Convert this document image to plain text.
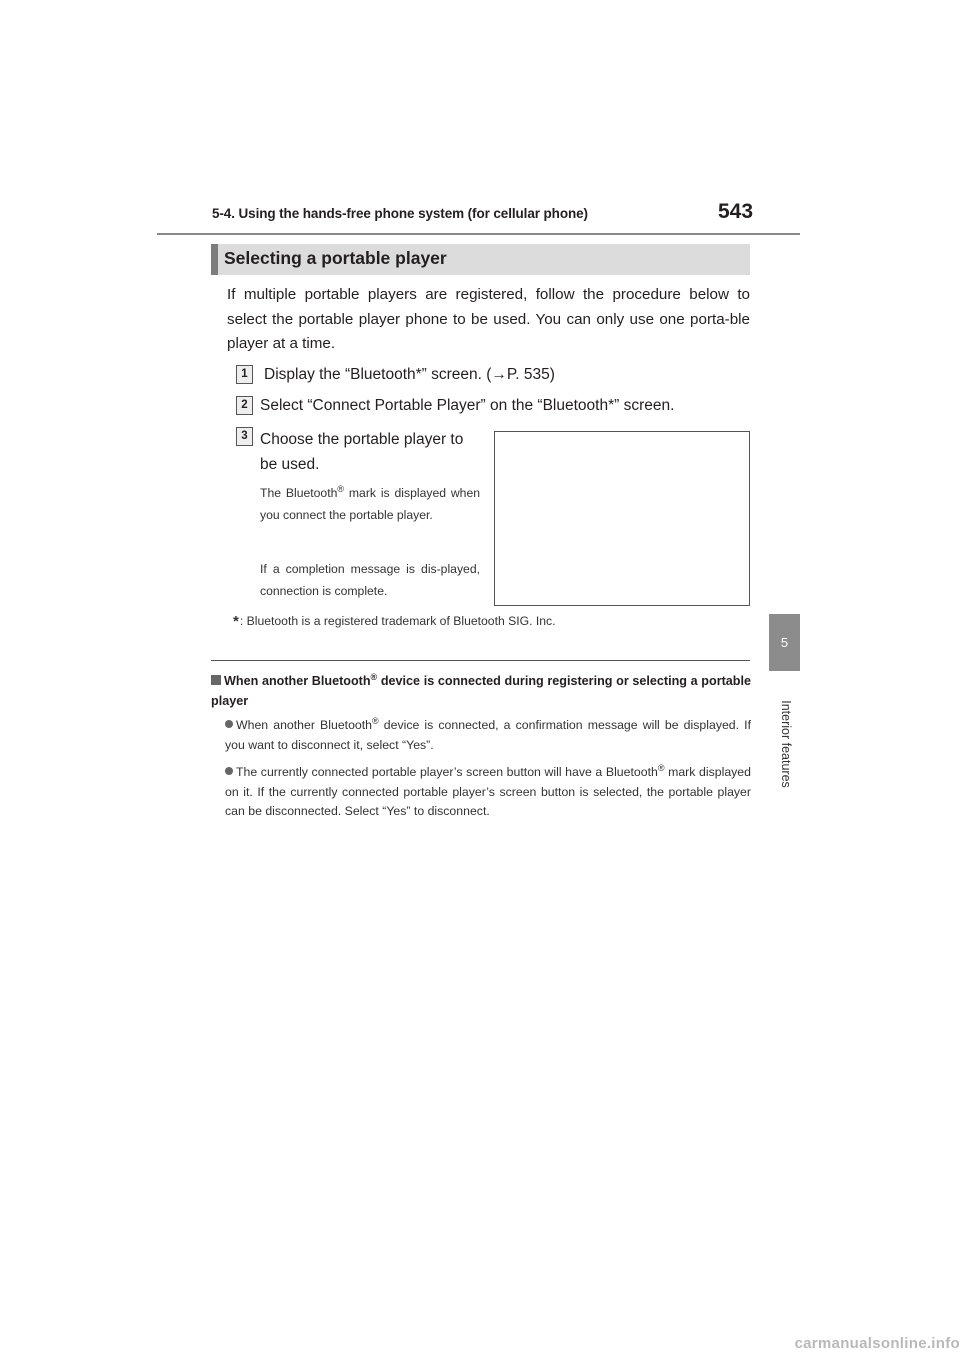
5-4. Using the hands-free phone system (for cellular phone)	543
5
Interior features
Selecting a portable player
If multiple portable players are registered, follow the procedure below to select the portable player phone to be used. You can only use one porta-ble player at a time.
1	Display the “Bluetooth*” screen. (→P. 535)
2 Select “Connect Portable Player” on the “Bluetooth*” screen.
3 Choose the portable player to be used.
The Bluetooth® mark is displayed when you connect the portable player.
If a completion message is dis-played, connection is complete.
*: Bluetooth is a registered trademark of Bluetooth SIG. Inc.
When another Bluetooth® device is connected during registering or selecting a portable player
When another Bluetooth® device is connected, a confirmation message will be displayed. If you want to disconnect it, select “Yes”.
The currently connected portable player’s screen button will have a Bluetooth® mark displayed on it. If the currently connected portable player’s screen button is selected, the portable player can be disconnected. Select “Yes” to disconnect.
carmanualsonline.info
